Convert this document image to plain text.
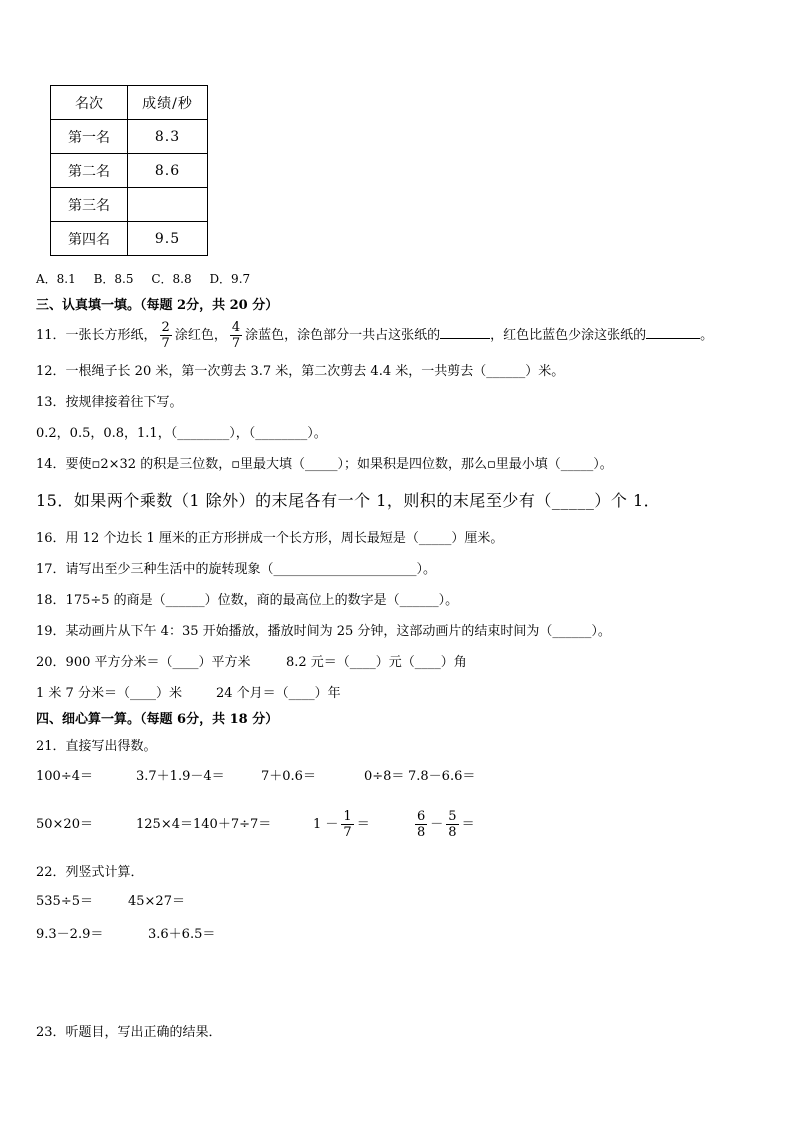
名次	成绩/秒
第一名	8.3
第二名	8.6
第三名	
第四名	9.5
A．8.1 B．8.5 C．8.8 D．9.7
三、认真填一填。（每题 2分，共 20 分）
11．一张长方形纸， $\frac{2}{7}$ 涂红色， $\frac{4}{7}$ 涂蓝色，涂色部分一共占这张纸的	，红色比蓝色少涂这张纸的	。
12．一根绳子长 20 米，第一次剪去 3.7 米，第二次剪去 4.4 米，一共剪去（______）米。
13．按规律接着往下写。
0.2，0.5，0.8，1.1，（________），（________）。
14．要使▫2×32 的积是三位数，▫里最大填（_____）；如果积是四位数，那么▫里最小填（_____）。
15．如果两个乘数（1 除外）的末尾各有一个 1，则积的末尾至少有（_____）个 1．
16．用 12 个边长 1 厘米的正方形拼成一个长方形，周长最短是（_____）厘米。
17．请写出至少三种生活中的旋转现象（______________________）。
18．175÷5 的商是（______）位数，商的最高位上的数字是（______）。
19．某动画片从下午 4：35 开始播放，播放时间为 25 分钟，这部动画片的结束时间为（______）。
20．900 平方分米＝（____）平方米	8.2 元＝（____）元（____）角
1 米 7 分米＝（____）米	24 个月＝（____）年
四、细心算一算。（每题 6分，共 18 分）
21．直接写出得数。
100÷4＝	3.7＋1.9－4＝	7＋0.6＝	0÷8＝ 7.8－6.6＝
50×20＝	125×4＝ 140＋7÷7＝	$1 - \frac{1}{7}$ ＝	$\frac{6}{8} - \frac{5}{8}$ ＝
22．列竖式计算．
535÷5＝	45×27＝
9.3－2.9＝	3.6＋6.5＝
23．听题目，写出正确的结果．
